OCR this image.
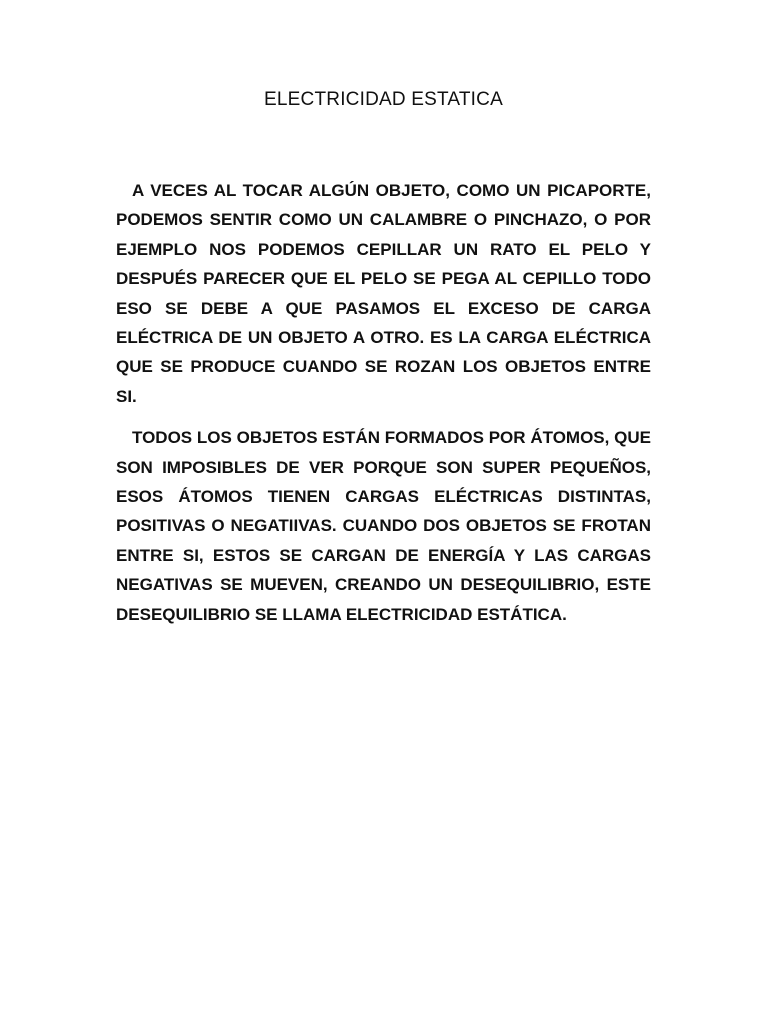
ELECTRICIDAD ESTATICA

A VECES AL TOCAR ALGÚN OBJETO, COMO UN PICAPORTE, PODEMOS SENTIR COMO UN CALAMBRE O PINCHAZO, O POR EJEMPLO NOS PODEMOS CEPILLAR UN RATO EL PELO Y DESPUÉS PARECER QUE EL PELO SE PEGA AL CEPILLO TODO ESO SE DEBE A QUE PASAMOS EL EXCESO DE CARGA ELÉCTRICA DE UN OBJETO A OTRO. ES LA CARGA ELÉCTRICA QUE SE PRODUCE CUANDO SE ROZAN LOS OBJETOS ENTRE SI.

TODOS LOS OBJETOS ESTÁN FORMADOS POR ÁTOMOS, QUE SON IMPOSIBLES DE VER PORQUE SON SUPER PEQUEÑOS, ESOS ÁTOMOS TIENEN CARGAS ELÉCTRICAS DISTINTAS, POSITIVAS O NEGATIIVAS. CUANDO DOS OBJETOS SE FROTAN ENTRE SI, ESTOS SE CARGAN DE ENERGÍA Y LAS CARGAS NEGATIVAS SE MUEVEN, CREANDO UN DESEQUILIBRIO, ESTE DESEQUILIBRIO SE LLAMA ELECTRICIDAD ESTÁTICA.
